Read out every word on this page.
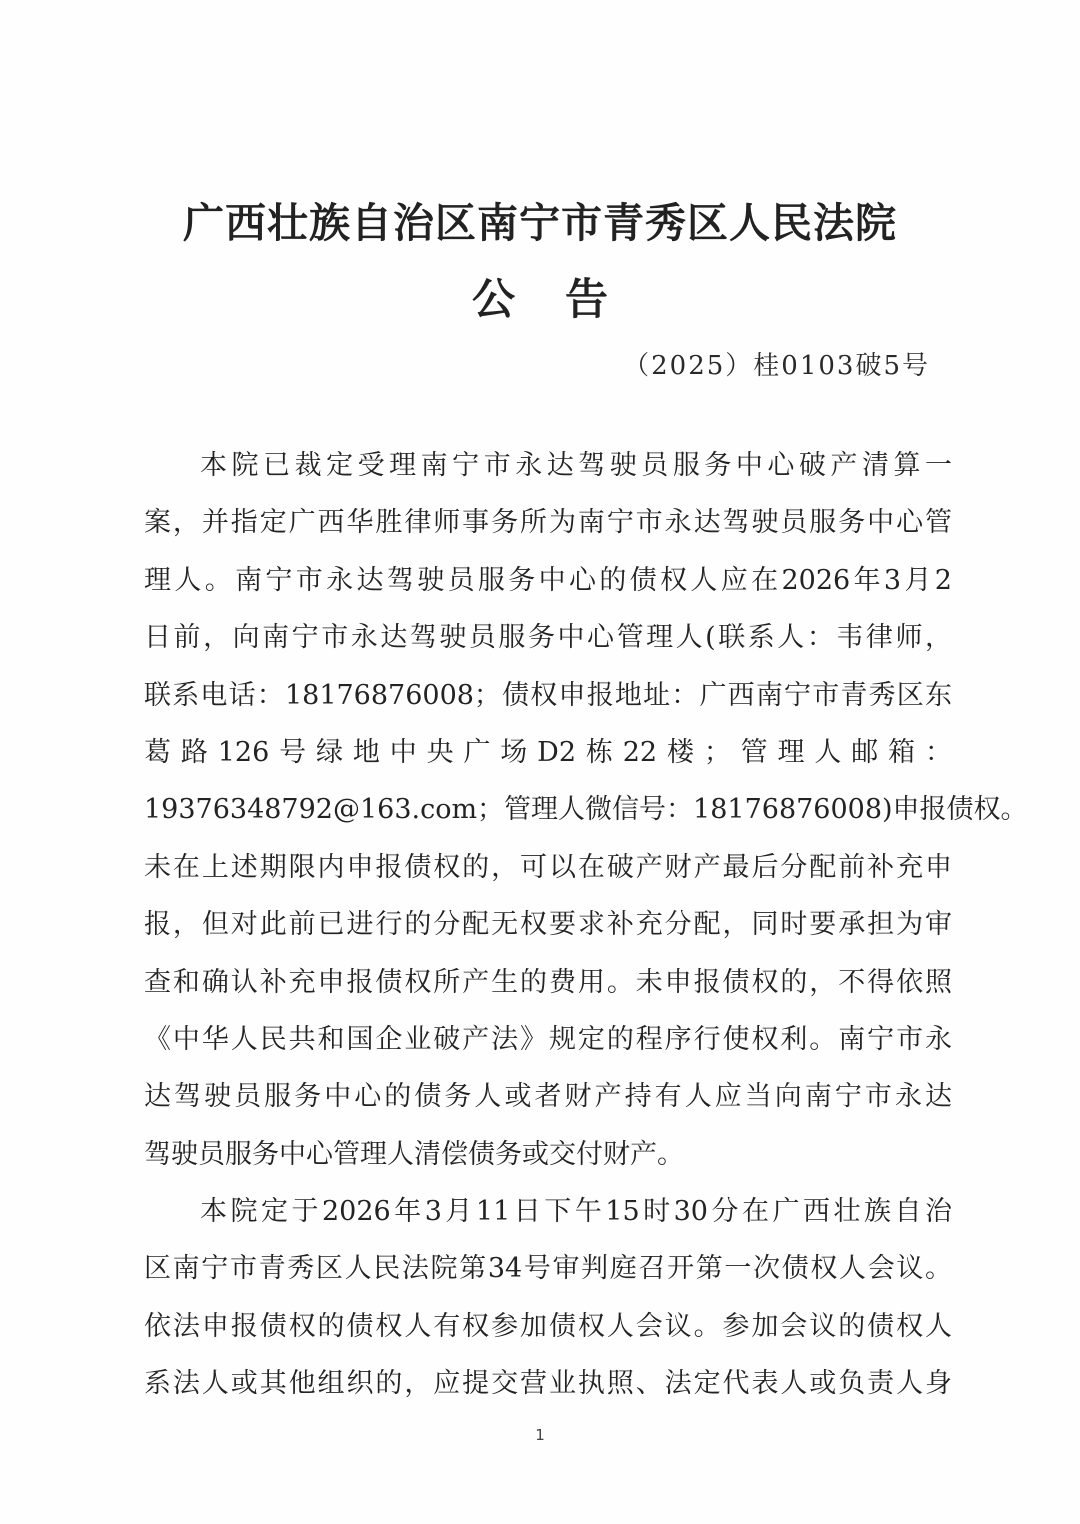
广西壮族自治区南宁市青秀区人民法院
公告
（2025）桂0103破5号
本院已裁定受理南宁市永达驾驶员服务中心破产清算一
案，并指定广西华胜律师事务所为南宁市永达驾驶员服务中心管
理人。南宁市永达驾驶员服务中心的债权人应在2026年3月2
日前，向南宁市永达驾驶员服务中心管理人(联系人：韦律师，
联系电话：18176876008；债权申报地址：广西南宁市青秀区东
葛路126号绿地中央广场D2栋22楼；管理人邮箱：
19376348792@163.com；管理人微信号：18176876008)申报债权。
未在上述期限内申报债权的，可以在破产财产最后分配前补充申
报，但对此前已进行的分配无权要求补充分配，同时要承担为审
查和确认补充申报债权所产生的费用。未申报债权的，不得依照
《中华人民共和国企业破产法》规定的程序行使权利。南宁市永
达驾驶员服务中心的债务人或者财产持有人应当向南宁市永达
驾驶员服务中心管理人清偿债务或交付财产。
本院定于2026年3月11日下午15时30分在广西壮族自治
区南宁市青秀区人民法院第34号审判庭召开第一次债权人会议。
依法申报债权的债权人有权参加债权人会议。参加会议的债权人
系法人或其他组织的，应提交营业执照、法定代表人或负责人身
1
